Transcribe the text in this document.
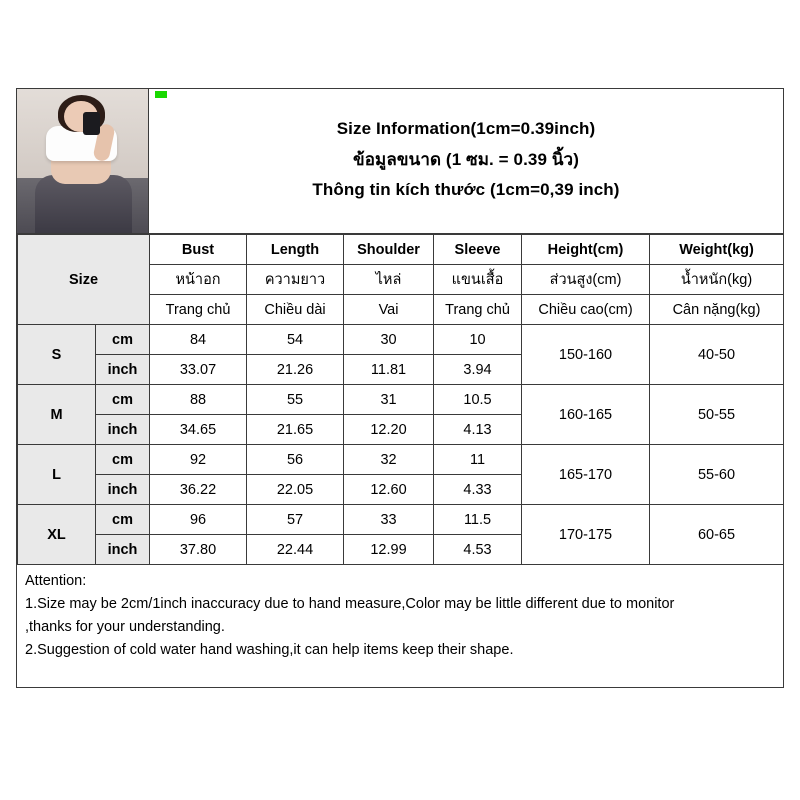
Size Information(1cm=0.39inch)
ข้อมูลขนาด (1 ซม. = 0.39 นิ้ว)
Thông tin kích thước (1cm=0,39 inch)
Size		Bust	Length	Shoulder	Sleeve	Height(cm)	Weight(kg)
		หน้าอก	ความยาว	ไหล่	แขนเสื้อ	ส่วนสูง(cm)	น้ำหนัก(kg)
		Trang chủ	Chiều dài	Vai	Trang chủ	Chiều cao(cm)	Cân nặng(kg)
S	cm	84	54	30	10	150-160	40-50
	inch	33.07	21.26	11.81	3.94		
M	cm	88	55	31	10.5	160-165	50-55
	inch	34.65	21.65	12.20	4.13		
L	cm	92	56	32	11	165-170	55-60
	inch	36.22	22.05	12.60	4.33		
XL	cm	96	57	33	11.5	170-175	60-65
	inch	37.80	22.44	12.99	4.53		

Attention:

1.Size may be 2cm/1inch inaccuracy due to hand measure,Color may be little different due to monitor

,thanks for your understanding.

2.Suggestion of cold water hand washing,it can help items keep their shape.
